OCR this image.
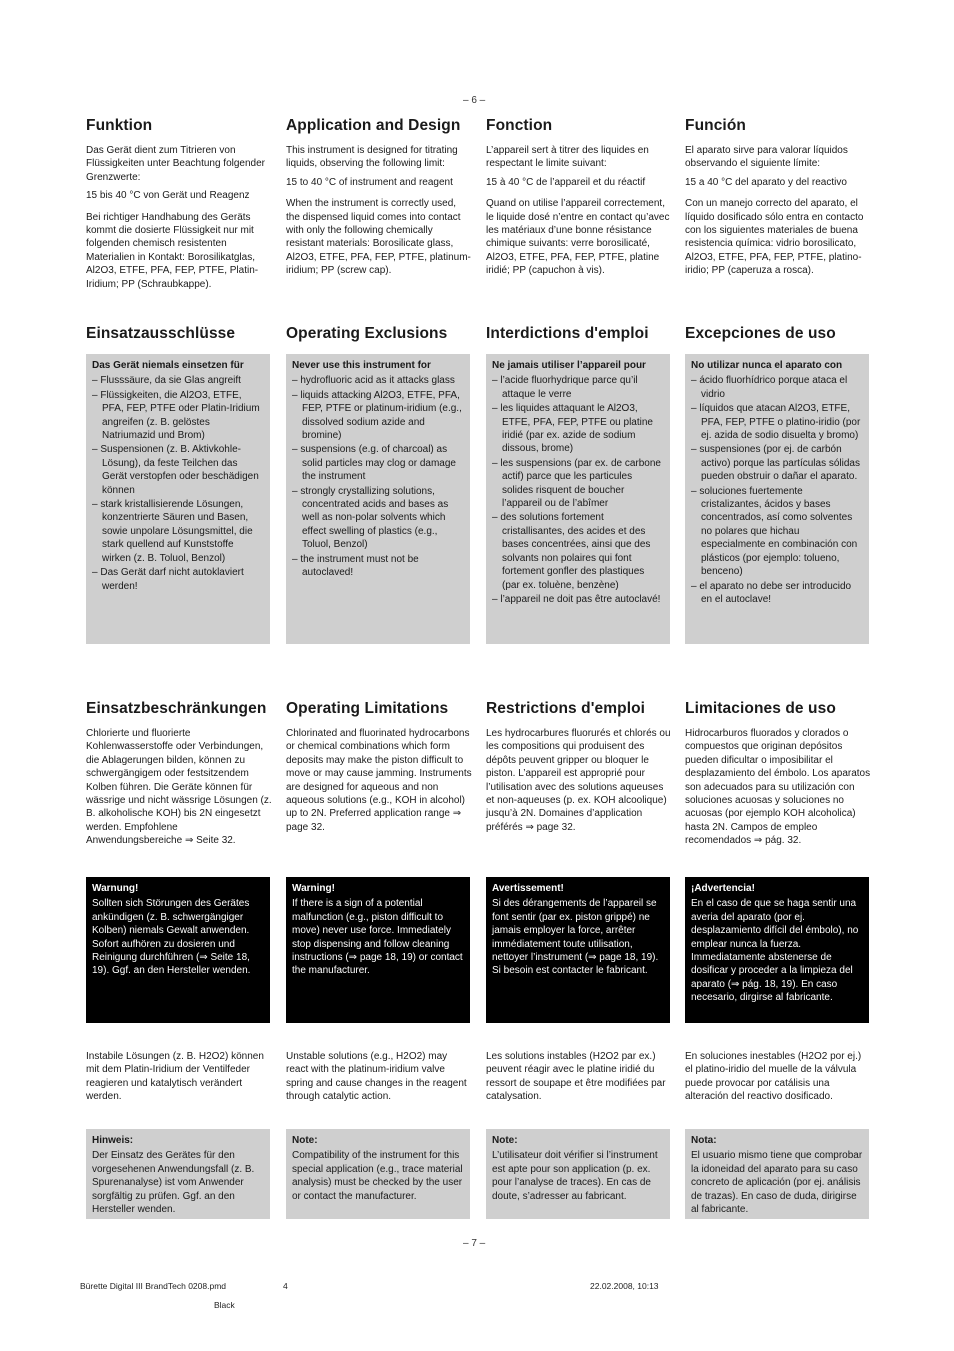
– 6 –
Funktion

Das Gerät dient zum Titrieren von Flüssigkeiten unter Beachtung folgender Grenzwerte:

15 bis 40 °C von Gerät und Reagenz

Bei richtiger Handhabung des Geräts kommt die dosierte Flüssigkeit nur mit folgenden chemisch resistenten Materialien in Kontakt: Borosilikatglas, Al2O3, ETFE, PFA, FEP, PTFE, Platin-Iridium; PP (Schraubkappe).

Einsatzausschlüsse
Das Gerät niemals einsetzen für
– Flusssäure, da sie Glas angreift
– Flüssigkeiten, die Al2O3, ETFE, PFA, FEP, PTFE oder Platin-Iridium angreifen (z. B. gelöstes Natriumazid und Brom)
– Suspensionen (z. B. Aktivkohle-Lösung), da feste Teilchen das Gerät verstopfen oder beschädigen können
– stark kristallisierende Lösungen, konzentrierte Säuren und Basen, sowie unpolare Lösungsmittel, die stark quellend auf Kunststoffe wirken (z. B. Toluol, Benzol)
– Das Gerät darf nicht autoklaviert werden!
Einsatzbeschränkungen

Chlorierte und fluorierte Kohlenwasserstoffe oder Verbindungen, die Ablagerungen bilden, können zu schwergängigem oder festsitzendem Kolben führen. Die Geräte können für wässrige und nicht wässrige Lösungen (z. B. alkoholische KOH) bis 2N eingesetzt werden. Empfohlene Anwendungsbereiche ⇒ Seite 32.

Warnung!
Sollten sich Störungen des Gerätes ankündigen (z. B. schwergängiger Kolben) niemals Gewalt anwenden. Sofort aufhören zu dosieren und Reinigung durchführen (⇒ Seite 18, 19). Ggf. an den Hersteller wenden.

Instabile Lösungen (z. B. H2O2) können mit dem Platin-Iridium der Ventilfeder reagieren und katalytisch verändert werden.

Hinweis:
Der Einsatz des Gerätes für den vorgesehenen Anwendungsfall (z. B. Spurenanalyse) ist vom Anwender sorgfältig zu prüfen. Ggf. an den Hersteller wenden.
Application and Design

This instrument is designed for titrating liquids, observing the following limit:

15 to 40 °C of instrument and reagent

When the instrument is correctly used, the dispensed liquid comes into contact with only the following chemically resistant materials: Borosilicate glass, Al2O3, ETFE, PFA, FEP, PTFE, platinum-iridium; PP (screw cap).

Operating Exclusions
Never use this instrument for
– hydrofluoric acid as it attacks glass
– liquids attacking Al2O3, ETFE, PFA, FEP, PTFE or platinum-iridium (e.g., dissolved sodium azide and bromine)
– suspensions (e.g. of charcoal) as solid particles may clog or damage the instrument
– strongly crystallizing solutions, concentrated acids and bases as well as non-polar solvents which effect swelling of plastics (e.g., Toluol, Benzol)
– the instrument must not be autoclaved!
Operating Limitations

Chlorinated and fluorinated hydrocarbons or chemical combinations which form deposits may make the piston difficult to move or may cause jamming. Instruments are designed for aqueous and non aqueous solutions (e.g., KOH in alcohol) up to 2N. Preferred application range ⇒ page 32.

Warning!
If there is a sign of a potential malfunction (e.g., piston difficult to move) never use force. Immediately stop dispensing and follow cleaning instructions (⇒ page 18, 19) or contact the manufacturer.

Unstable solutions (e.g., H2O2) may react with the platinum-iridium valve spring and cause changes in the reagent through catalytic action.

Note:
Compatibility of the instrument for this special application (e.g., trace material analysis) must be checked by the user or contact the manufacturer.
Fonction

L’appareil sert à titrer des liquides en respectant le limite suivant:

15 à 40 °C de l’appareil et du réactif

Quand on utilise l’appareil correctement, le liquide dosé n’entre en contact qu’avec les matériaux d’une bonne résistance chimique suivants: verre borosilicaté, Al2O3, ETFE, PFA, FEP, PTFE, platine iridié; PP (capuchon à vis).

Interdictions d'emploi
Ne jamais utiliser l’appareil pour
– l’acide fluorhydrique parce qu’il attaque le verre
– les liquides attaquant le Al2O3, ETFE, PFA, FEP, PTFE ou platine iridié (par ex. azide de sodium dissous, brome)
– les suspensions (par ex. de carbone actif) parce que les particules solides risquent de boucher l’appareil ou de l’abîmer
– des solutions fortement cristallisantes, des acides et des bases concentrées, ainsi que des solvants non polaires qui font fortement gonfler des plastiques (par ex. toluène, benzène)
– l’appareil ne doit pas être autoclavé!
Restrictions d'emploi

Les hydrocarbures fluorurés et chlorés ou les compositions qui produisent des dépôts peuvent gripper ou bloquer le piston. L’appareil est approprié pour l’utilisation avec des solutions aqueuses et non-aqueuses (p. ex. KOH alcoolique) jusqu’à 2N. Domaines d’application préférés ⇒ page 32.

Avertissement!
Si des dérangements de l’appareil se font sentir (par ex. piston grippé) ne jamais employer la force, arrêter immédiatement toute utilisation, nettoyer l’instrument (⇒ page 18, 19). Si besoin est contacter le fabricant.

Les solutions instables (H2O2 par ex.) peuvent réagir avec le platine iridié du ressort de soupape et être modifiées par catalysation.

Note:
L’utilisateur doit vérifier si l’instrument est apte pour son application (p. ex. pour l’analyse de traces). En cas de doute, s’adresser au fabricant.
Función

El aparato sirve para valorar líquidos observando el siguiente límite:

15 a 40 °C del aparato y del reactivo

Con un manejo correcto del aparato, el líquido dosificado sólo entra en contacto con los siguientes materiales de buena resistencia química: vidrio borosilicato, Al2O3, ETFE, PFA, FEP, PTFE, platino-iridio; PP (caperuza a rosca).

Excepciones de uso
No utilizar nunca el aparato con
– ácido fluorhídrico porque ataca el vidrio
– líquidos que atacan Al2O3, ETFE, PFA, FEP, PTFE o platino-iridio (por ej. azida de sodio disuelta y bromo)
– suspensiones (por ej. de carbón activo) porque las partículas sólidas pueden obstruir o dañar el aparato.
– soluciones fuertemente cristalizantes, ácidos y bases concentrados, así como solventes no polares que hichau especialmente en combinación con plásticos (por ejemplo: tolueno, benceno)
– el aparato no debe ser introducido en el autoclave!
Limitaciones de uso

Hidrocarburos fluorados y clorados o compuestos que originan depósitos pueden dificultar o imposibilitar el desplazamiento del émbolo. Los aparatos son adecuados para su utilización con soluciones acuosas y soluciones no acuosas (por ejemplo KOH alcoholica) hasta 2N. Campos de empleo recomendados ⇒ pág. 32.

¡Advertencia!
En el caso de que se haga sentir una averia del aparato (por ej. desplazamiento difícil del émbolo), no emplear nunca la fuerza. Immediatamente abstenerse de dosificar y proceder a la limpieza del aparato (⇒ pág. 18, 19). En caso necesario, dirgirse al fabricante.

En soluciones inestables (H2O2 por ej.) el platino-iridio del muelle de la válvula puede provocar por catálisis una alteración del reactivo dosificado.

Nota:
El usuario mismo tiene que comprobar la idoneidad del aparato para su caso concreto de aplicación (por ej. análisis de trazas). En caso de duda, dirigirse al fabricante.
– 7 –
Bürette Digital III BrandTech 0208.pmd	4	22.02.2008, 10:13
Black
